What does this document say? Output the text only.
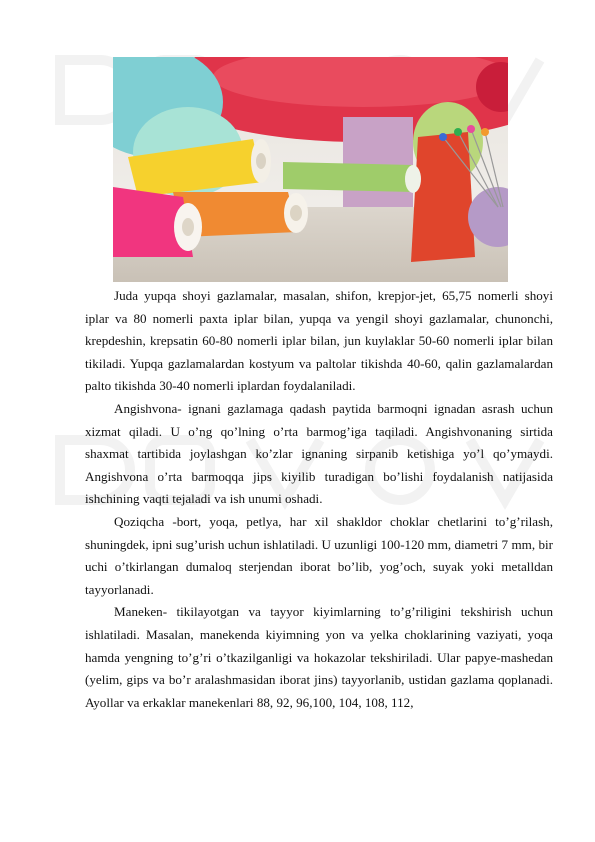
Juda yupqa shoyi gazlamalar, masalan, shifon, krepjor-jet, 65,75 nomerli shoyi iplar va 80 nomerli paxta iplar bilan, yupqa va yengil shoyi gazlamalar, chunonchi, krepdeshin, krepsatin 60-80 nomerli iplar bilan, jun kuylaklar 50-60 nomerli iplar bilan tikiladi. Yupqa gazlamalardan kostyum va paltolar tikishda 40-60, qalin gazlamalardan palto tikishda 30-40 nomerli iplardan foydalaniladi.

Angishvona- ignani gazlamaga qadash paytida barmoqni ignadan asrash uchun xizmat qiladi. U o’ng qo’lning o’rta barmog’iga taqiladi. Angishvonaning sirtida shaxmat tartibida joylashgan ko’zlar ignaning sirpanib ketishiga yo’l qo’ymaydi. Angishvona o’rta barmoqqa jips kiyilib turadigan bo’lishi foydalanish natijasida ishchining vaqti tejaladi va ish unumi oshadi.

Qoziqcha -bort, yoqa, petlya, har xil shakldor choklar chetlarini to’g’rilash, shuningdek, ipni sug’urish uchun ishlatiladi. U uzunligi 100-120 mm, diametri 7 mm, bir uchi o’tkirlangan dumaloq sterjendan iborat bo’lib, yog’och, suyak yoki metalldan tayyorlanadi.

Maneken- tikilayotgan va tayyor kiyimlarning to’g’riligini tekshirish uchun ishlatiladi. Masalan, manekenda kiyimning yon va yelka choklarining vaziyati, yoqa hamda yengning to’g’ri o’tkazilganligi va hokazolar tekshiriladi. Ular papye-mashedan (yelim, gips va bo’r aralashmasidan iborat jins) tayyorlanib, ustidan gazlama qoplanadi. Ayollar va erkaklar manekenlari 88, 92, 96,100, 104, 108, 112,
